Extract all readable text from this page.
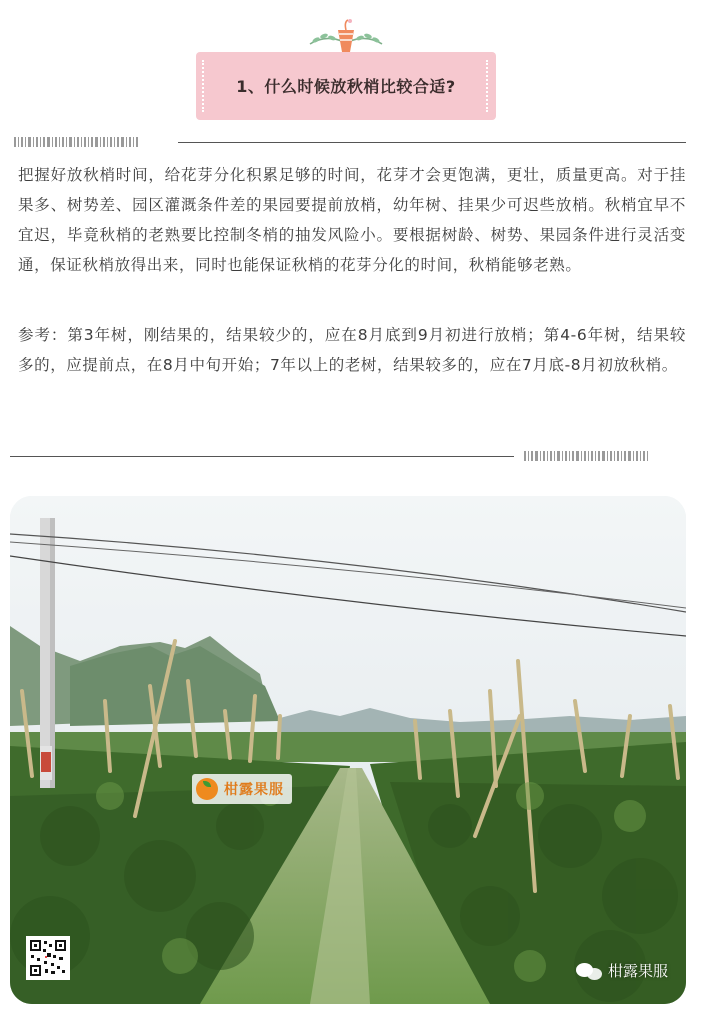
1、什么时候放秋梢比较合适?

把握好放秋梢时间，给花芽分化积累足够的时间，花芽才会更饱满，更壮，质量更高。对于挂果多、树势差、园区灌溉条件差的果园要提前放梢，幼年树、挂果少可迟些放梢。秋梢宜早不宜迟，毕竟秋梢的老熟要比控制冬梢的抽发风险小。要根据树龄、树势、果园条件进行灵活变通，保证秋梢放得出来，同时也能保证秋梢的花芽分化的时间，秋梢能够老熟。

参考：第3年树，刚结果的，结果较少的，应在8月底到9月初进行放梢；第4-6年树，结果较多的，应提前点，在8月中旬开始；7年以上的老树，结果较多的，应在7月底-8月初放秋梢。

柑露果服
柑露果服
